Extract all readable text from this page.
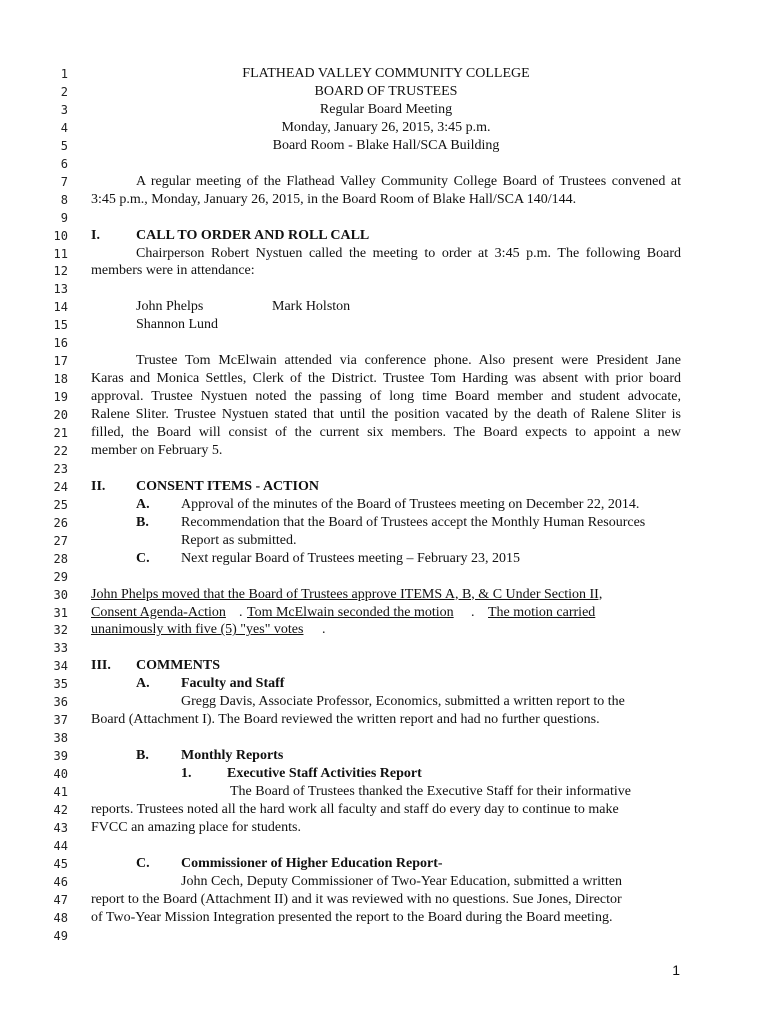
1	FLATHEAD VALLEY COMMUNITY COLLEGE
2	BOARD OF TRUSTEES
3	Regular Board Meeting
4	Monday, January 26, 2015, 3:45 p.m.
5	Board Room - Blake Hall/SCA Building
6
7	A regular meeting of the Flathead Valley Community College Board of Trustees convened at
8 3:45 p.m., Monday, January 26, 2015, in the Board Room of Blake Hall/SCA 140/144.
9
10 I.	CALL TO ORDER AND ROLL CALL
11	Chairperson Robert Nystuen called the meeting to order at 3:45 p.m. The following Board
12 members were in attendance:
13
14	John Phelps	Mark Holston
15	Shannon Lund
16
17	Trustee Tom McElwain attended via conference phone. Also present were President Jane
18 Karas and Monica Settles, Clerk of the District. Trustee Tom Harding was absent with prior board
19 approval. Trustee Nystuen noted the passing of long time Board member and student advocate,
20 Ralene Sliter. Trustee Nystuen stated that until the position vacated by the death of Ralene Sliter is
21 filled, the Board will consist of the current six members. The Board expects to appoint a new
22 member on February 5.
23
24 II. CONSENT ITEMS - ACTION
25	A. Approval of the minutes of the Board of Trustees meeting on December 22, 2014.
26	B. Recommendation that the Board of Trustees accept the Monthly Human Resources
27	Report as submitted.
28	C. Next regular Board of Trustees meeting – February 23, 2015
29
30 John Phelps moved that the Board of Trustees approve ITEMS A, B, & C Under Section II,
31 Consent Agenda-Action . Tom McElwain seconded the motion . The motion carried
32 unanimously with five (5) "yes" votes .
33
34 III. COMMENTS
35	A. Faculty and Staff
36	Gregg Davis, Associate Professor, Economics, submitted a written report to the
37 Board (Attachment I). The Board reviewed the written report and had no further questions.
38
39	B. Monthly Reports
40	1.	Executive Staff Activities Report
41	The Board of Trustees thanked the Executive Staff for their informative
42 reports. Trustees noted all the hard work all faculty and staff do every day to continue to make
43 FVCC an amazing place for students.
44
45	C. Commissioner of Higher Education Report-
46	John Cech, Deputy Commissioner of Two-Year Education, submitted a written
47 report to the Board (Attachment II) and it was reviewed with no questions. Sue Jones, Director
48 of Two-Year Mission Integration presented the report to the Board during the Board meeting.
49
1
